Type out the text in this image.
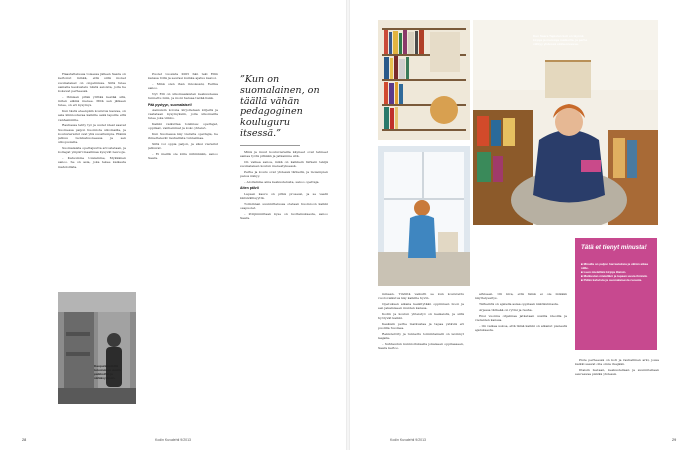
Haastattelussa toisessa jälleen Saara on kertonut minkä, että siitä monet suomalaiset on ongelmissa. Siitä tulee samalla keskustelu niistä asioista, joita he kokevat perheessä.

– Ihmisen pitää yrittää kestää sitä, miten elämä menee. Mitä sen jälkeen tulee, on eri kysymys.

Kun tästä eteenpäin koulutus kasvaa, on asia kiinnostavaa kaikille sekä lapsille että vanhemmille.

Rauhassa tehty työ ja uudet ideat saavat Suomessa paljon huomiota ulkomailla, ja kouluvierailut ovat yhä suositumpia. Elämä jatkuu luokkahuoneessa ja sen ulkopuolella.

Suomalaista opettajuutta arvostetaan, ja kollegat ympäri maailmaa kysyvät neuvoja.

– Katsomme toisiamme, Mykkänen sanoo. Se on asia, joka tekee kaikesta mahdollista.

Puolet vuosista 2005 hän teki Ellin kanssa töitä ja seurasi kuinka ajatus kasvoi.

– Minä olen ihan innoissani, Eerika sanoo.

Nyt Elli on ulkomaalaisten keskuudessa tunnettu nimi, ja moni haluaa tietää lisää.

Pää pystyyn, suomalaiset!

Aamuisin kotona kirjoitetaan kirjeitä ja vastataan kysymyksiin, joita ulkomailta tulee joka viikko.

Kaikki vaikuttaa toisiinsa: opettajat, oppilaat, vanhemmat ja koko yhteisö.

Kun Suomessa käy vieraita opettajia, he ihmettelevät rauhallista tunnelmaa.

Siitä voi oppia paljon, ja siksi vierailut jatkuvat.

– Ei meillä ole kiire mihinkään, sanoo Saara.

”Kun on suomalainen, on täällä vähän pedagoginen kouluguru itsessä.”

Minä ja muut kouluvierailla käyneet ovat tehneet samaa työtä pitkään ja jatkamme sitä.

On vaikea sanoa, mikä on kaikkein tärkein tekijä suomalaisen koulun menestyksessä.

Perhe ja koulu ovat yhdessä tärkeitä, ja molempien panos näkyy.

– Aloitamme aina keskustelusta, sanoo opettaja.

Aiten pälvii

Lapsen kasvu on pitkä prosessi, ja se vaatii kärsivällisyyttä.

Toiminnan suunnittelussa otetaan huomioon kaikki osapuolet.

– Pohjimmiltaan kyse on luottamuksesta, sanoo Saara.

Kaupunkiretkillä tutustutaan uusiin paikkoihin ja nähtävyyksiin.
28	Kodin Kuvalehti 9/2013
Kun Saara Tapiolan koti on täynnä kirjoja ja muistoja matkoilta, ja perhe viihtyy yhdessä olohuoneessa.

minaan. Tiiviiltä vaikutti se kun koulutettu vuorovaikutus käy kaikille hyvin.

Opetuksen aikana keskitytään oppimisen iloon ja sen jakamiseen muiden kanssa.

Kodin ja koulun yhteistyö on keskeistä, ja siitä hyötyvät kaikki.

Kesäisin perhe matkustaa ja tapaa ystäviä eri puolilla Suomea.

Rekisteröity ja tunnettu toimintamalli on levinnyt laajalle.

– Suhtaudun kunnioituksella jokaiseen oppilaaseen, Saara kertoo.

arkiseen. Oli kiva, että tämä ei ole mikään näyttelyesitys.

Tärkeintä on ajatella asiaa oppilaan näkökulmasta.

Arjessa tärkeää on rytmi ja rauha.

Ensi vuonna ohjelmaa jatketaan uusilla ideoilla ja vieraiden kanssa.

– On vaikea uskoa, että tämä kaikki on alkanut pienestä ajatuksesta.

Piste perheessä on koti ja rauhallinen arki, jossa kaikki saavat olla omia itsejään.

Iltaisin luetaan, keskustellaan ja suunnitellaan seuraavaa päivää yhdessä.

Kodin Kuvalehti 9/2013	29
Tätä et tienyt minusta!
■ Minulla on paljon harrastuksia ja vähän aikaa niille.
■ Luen mielelläni kirjoja iltaisin.
■ Matkustan mielelläni ja tapaan uusia ihmisiä.
■ Pidän kahvista ja suomalaisesta ruoasta.
